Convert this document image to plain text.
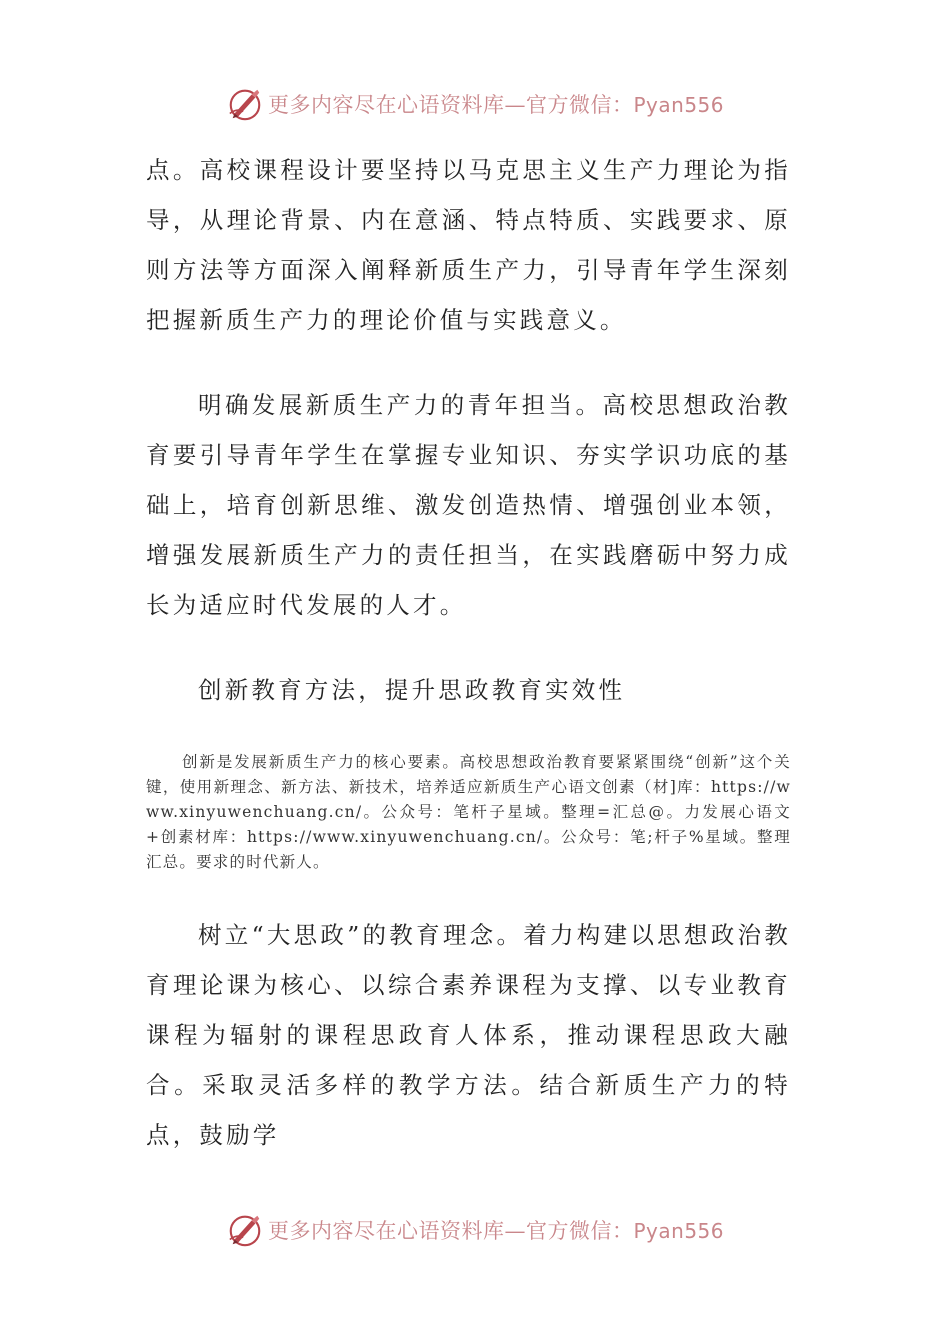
更多内容尽在心语资料库—官方微信：Pyan556

点。高校课程设计要坚持以马克思主义生产力理论为指导，从理论背景、内在意涵、特点特质、实践要求、原则方法等方面深入阐释新质生产力，引导青年学生深刻把握新质生产力的理论价值与实践意义。

明确发展新质生产力的青年担当。高校思想政治教育要引导青年学生在掌握专业知识、夯实学识功底的基础上，培育创新思维、激发创造热情、增强创业本领，增强发展新质生产力的责任担当，在实践磨砺中努力成长为适应时代发展的人才。

创新教育方法，提升思政教育实效性

创新是发展新质生产力的核心要素。高校思想政治教育要紧紧围绕“创新”这个关键，使用新理念、新方法、新技术，培养适应新质生产心语文创素（材]库：https://www.xinyuwenchuang.cn/。公众号：笔杆子星域。整理=汇总@。力发展心语文+创素材库：https://www.xinyuwenchuang.cn/。公众号：笔;杆子%星域。整理汇总。要求的时代新人。

树立“大思政”的教育理念。着力构建以思想政治教育理论课为核心、以综合素养课程为支撑、以专业教育课程为辐射的课程思政育人体系，推动课程思政大融合。采取灵活多样的教学方法。结合新质生产力的特点，鼓励学

更多内容尽在心语资料库—官方微信：Pyan556
